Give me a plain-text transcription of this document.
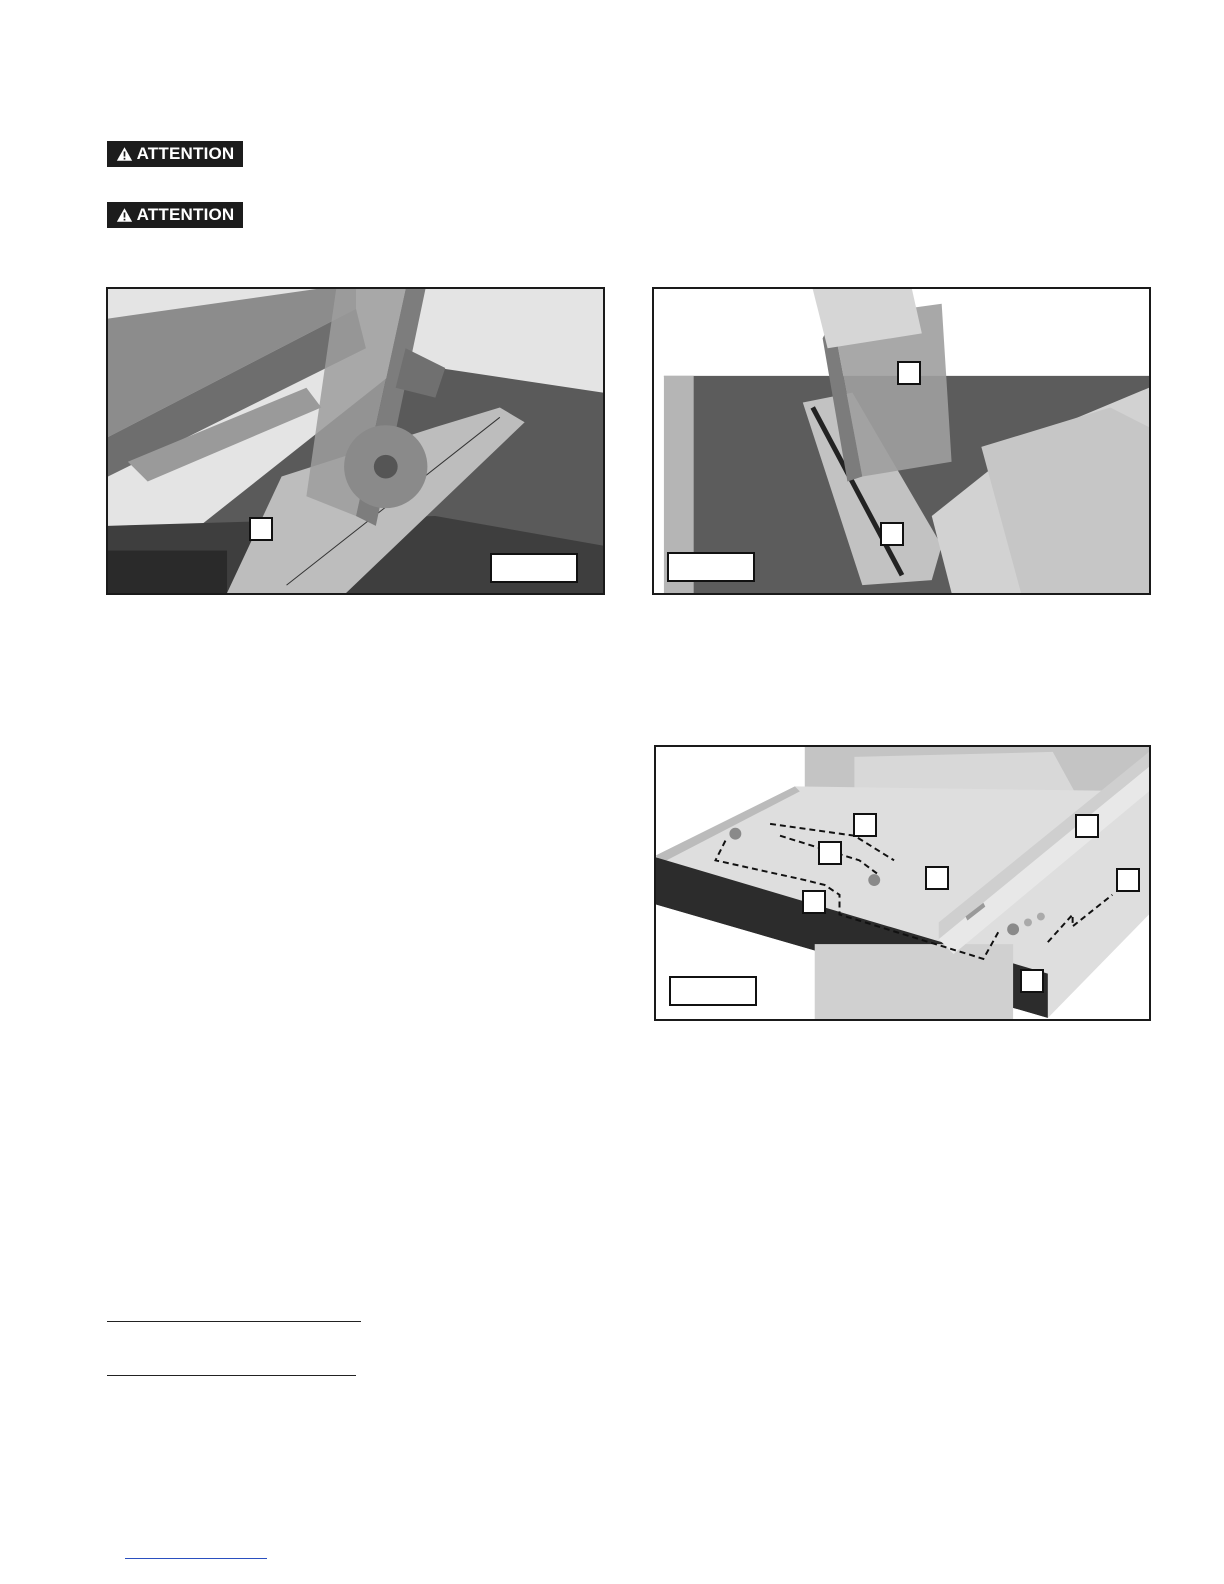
ATTENTION
ATTENTION
